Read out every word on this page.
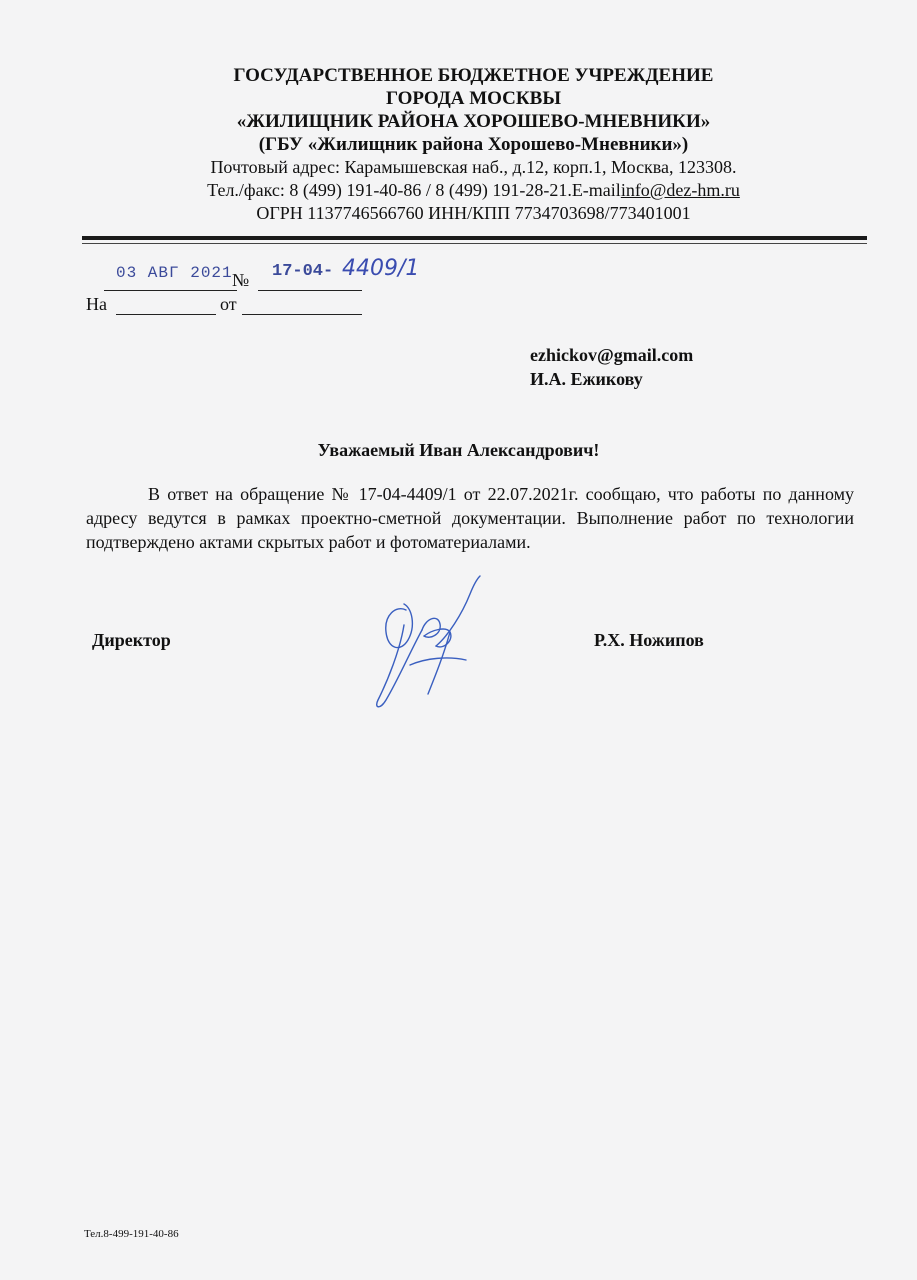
ГОСУДАРСТВЕННОЕ БЮДЖЕТНОЕ УЧРЕЖДЕНИЕ

ГОРОДА МОСКВЫ

«ЖИЛИЩНИК РАЙОНА ХОРОШЕВО-МНЕВНИКИ»

(ГБУ «Жилищник района Хорошево-Мневники»)

Почтовый адрес: Карамышевская наб., д.12, корп.1, Москва, 123308.

Тел./факс: 8 (499) 191-40-86 / 8 (499) 191-28-21.E-mailinfo@dez-hm.ru

ОГРН 1137746566760 ИНН/КПП 7734703698/773401001

03 АВГ 2021 № 17-04- 4409/1
На	от
ezhickov@gmail.com
И.А. Ежикову
Уважаемый Иван Александрович!
В ответ на обращение № 17-04-4409/1 от 22.07.2021г. сообщаю, что работы по данному адресу ведутся в рамках проектно-сметной документации. Выполнение работ по технологии подтверждено актами скрытых работ и фотоматериалами.
Директор	Р.Х. Ножипов
Тел.8-499-191-40-86
